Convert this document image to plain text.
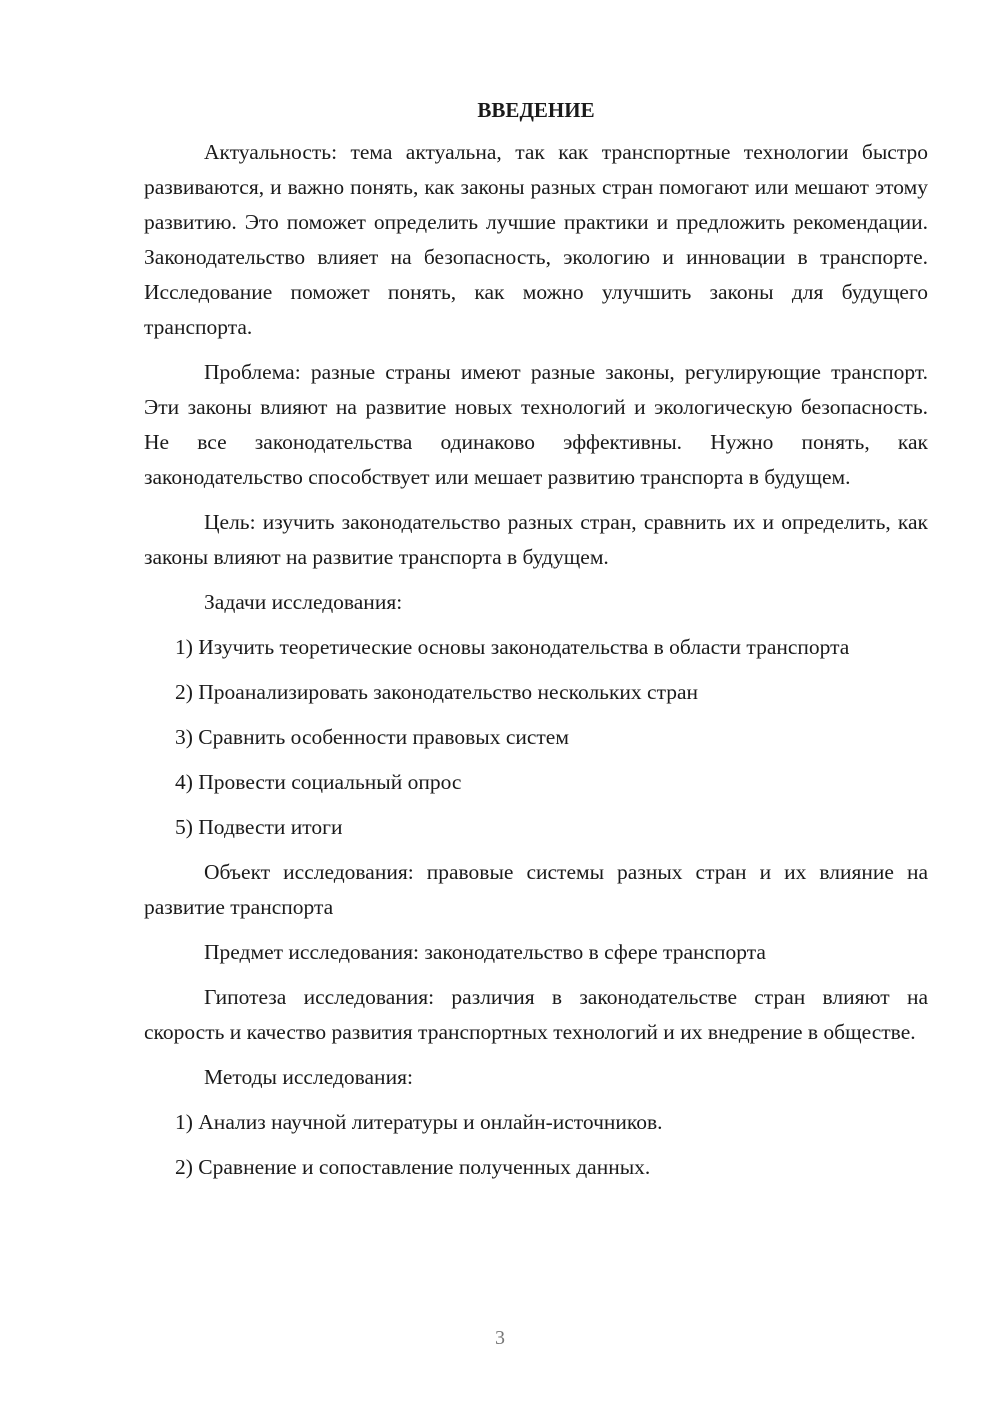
ВВЕДЕНИЕ

Актуальность: тема актуальна, так как транспортные технологии быстро развиваются, и важно понять, как законы разных стран помогают или мешают этому развитию. Это поможет определить лучшие практики и предложить рекомендации. Законодательство влияет на безопасность, экологию и инновации в транспорте. Исследование поможет понять, как можно улучшить законы для будущего транспорта.

Проблема: разные страны имеют разные законы, регулирующие транспорт. Эти законы влияют на развитие новых технологий и экологическую безопасность. Не все законодательства одинаково эффективны. Нужно понять, как законодательство способствует или мешает развитию транспорта в будущем.

Цель: изучить законодательство разных стран, сравнить их и определить, как законы влияют на развитие транспорта в будущем.

Задачи исследования:

1) Изучить теоретические основы законодательства в области транспорта

2) Проанализировать законодательство нескольких стран
3) Сравнить особенности правовых систем
4) Провести социальный опрос
5) Подвести итоги

Объект исследования: правовые системы разных стран и их влияние на развитие транспорта

Предмет исследования: законодательство в сфере транспорта

Гипотеза исследования: различия в законодательстве стран влияют на скорость и качество развития транспортных технологий и их внедрение в обществе.

Методы исследования:

1) Анализ научной литературы и онлайн-источников.
2) Сравнение и сопоставление полученных данных.
3
